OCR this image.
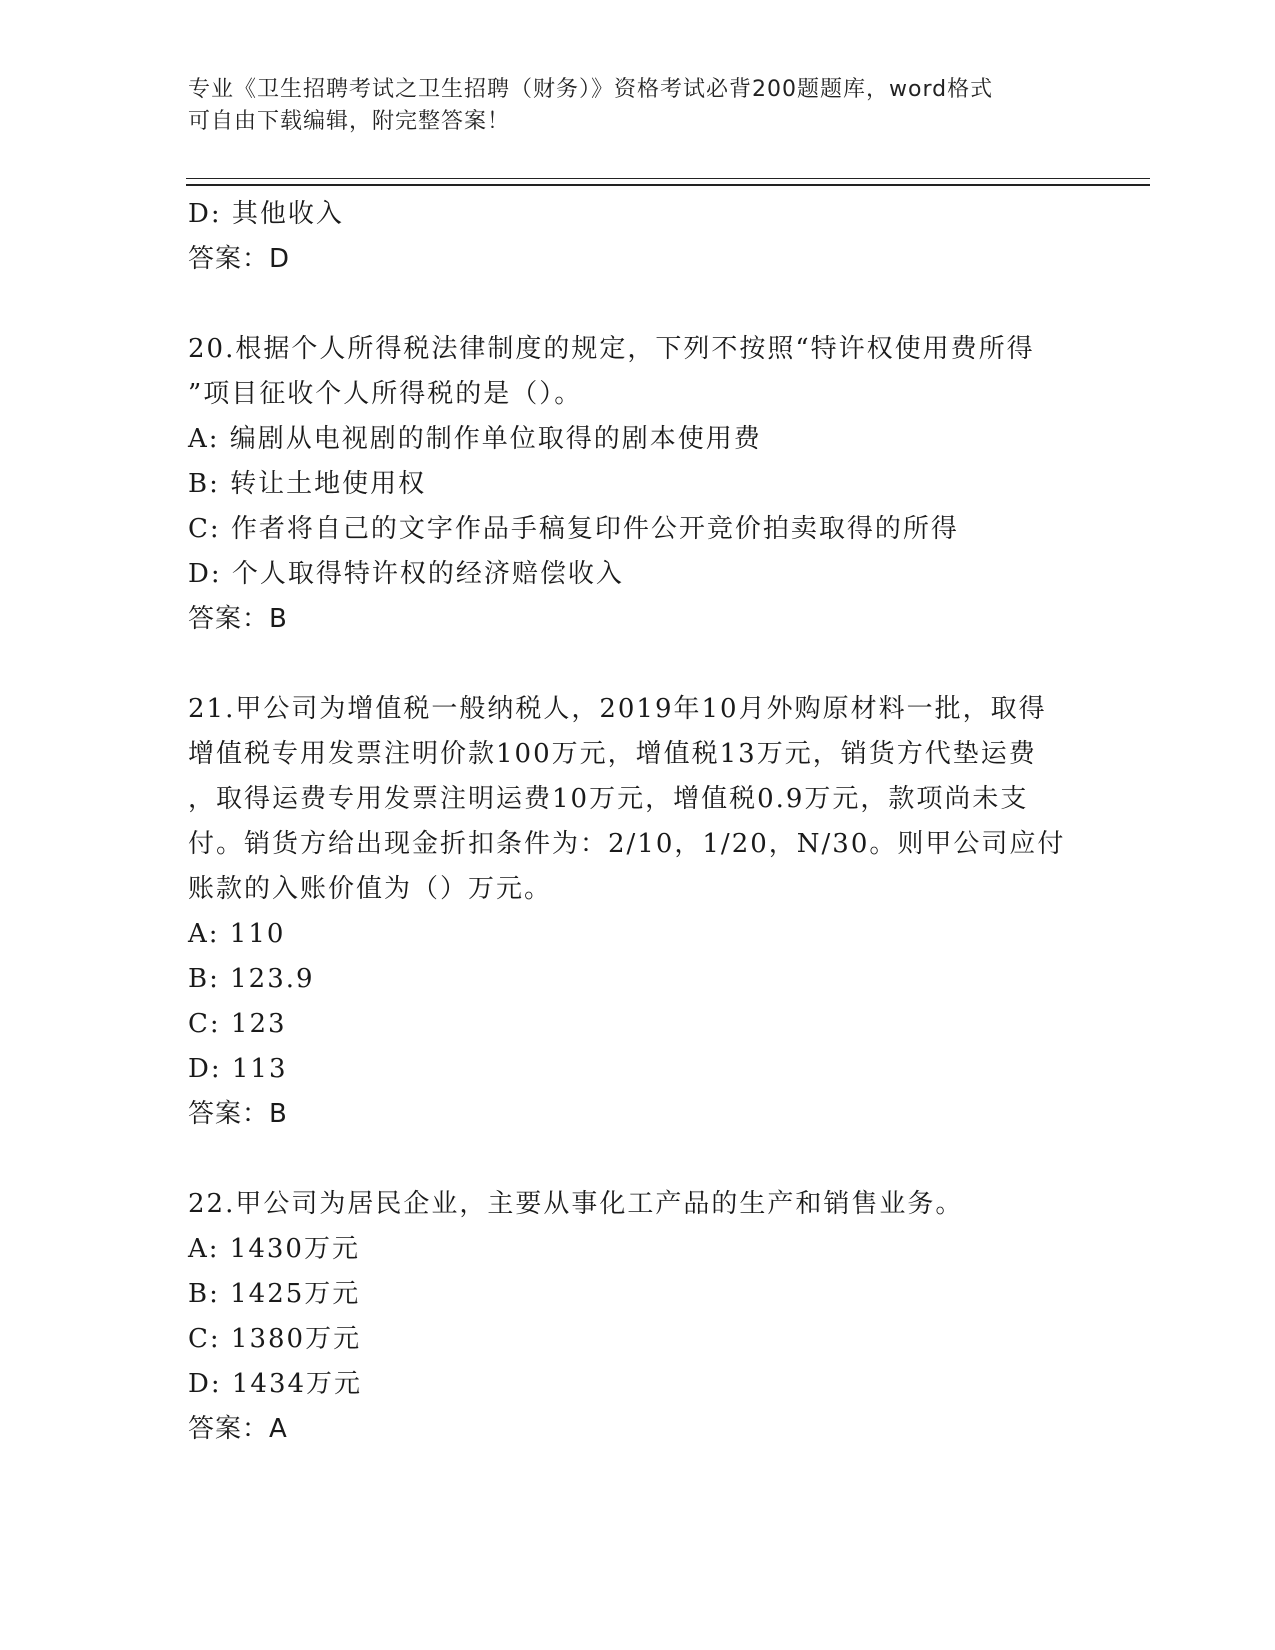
专业《卫生招聘考试之卫生招聘（财务）》资格考试必背200题题库，word格式
可自由下载编辑，附完整答案！
D: 其他收入
答案：D
20.根据个人所得税法律制度的规定，下列不按照“特许权使用费所得
”项目征收个人所得税的是（）。
A: 编剧从电视剧的制作单位取得的剧本使用费
B: 转让土地使用权
C: 作者将自己的文字作品手稿复印件公开竞价拍卖取得的所得
D: 个人取得特许权的经济赔偿收入
答案：B
21.甲公司为增值税一般纳税人，2019年10月外购原材料一批，取得
增值税专用发票注明价款100万元，增值税13万元，销货方代垫运费
，取得运费专用发票注明运费10万元，增值税0.9万元，款项尚未支
付。销货方给出现金折扣条件为：2/10，1/20，N/30。则甲公司应付
账款的入账价值为（）万元。
A: 110
B: 123.9
C: 123
D: 113
答案：B
22.甲公司为居民企业，主要从事化工产品的生产和销售业务。
A: 1430万元
B: 1425万元
C: 1380万元
D: 1434万元
答案：A
